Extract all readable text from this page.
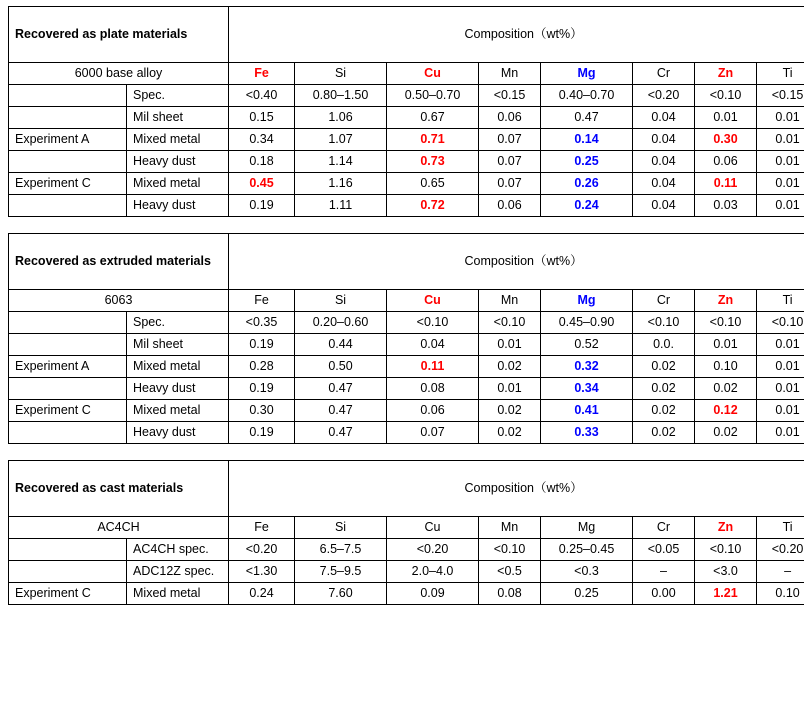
Recovered as plate materials		Composition（wt%）							

6000 base alloy		Fe	Si	Cu	Mn	Mg	Cr	Zn	Ti
	Spec.	<0.40	0.80–1.50	0.50–0.70	<0.15	0.40–0.70	<0.20	<0.10	<0.15
	Mil sheet	0.15	1.06	0.67	0.06	0.47	0.04	0.01	0.01
Experiment A	Mixed metal	0.34	1.07	0.71	0.07	0.14	0.04	0.30	0.01
	Heavy dust	0.18	1.14	0.73	0.07	0.25	0.04	0.06	0.01
Experiment C	Mixed metal	0.45	1.16	0.65	0.07	0.26	0.04	0.11	0.01
	Heavy dust	0.19	1.11	0.72	0.06	0.24	0.04	0.03	0.01
Recovered as extruded materials		Composition（wt%）							

6063		Fe	Si	Cu	Mn	Mg	Cr	Zn	Ti
	Spec.	<0.35	0.20–0.60	<0.10	<0.10	0.45–0.90	<0.10	<0.10	<0.10
	Mil sheet	0.19	0.44	0.04	0.01	0.52	0.0.	0.01	0.01
Experiment A	Mixed metal	0.28	0.50	0.11	0.02	0.32	0.02	0.10	0.01
	Heavy dust	0.19	0.47	0.08	0.01	0.34	0.02	0.02	0.01
Experiment C	Mixed metal	0.30	0.47	0.06	0.02	0.41	0.02	0.12	0.01
	Heavy dust	0.19	0.47	0.07	0.02	0.33	0.02	0.02	0.01
Recovered as cast materials		Composition（wt%）							

AC4CH		Fe	Si	Cu	Mn	Mg	Cr	Zn	Ti
	AC4CH spec.	<0.20	6.5–7.5	<0.20	<0.10	0.25–0.45	<0.05	<0.10	<0.20
	ADC12Z spec.	<1.30	7.5–9.5	2.0–4.0	<0.5	<0.3	–	<3.0	–
Experiment C	Mixed metal	0.24	7.60	0.09	0.08	0.25	0.00	1.21	0.10
